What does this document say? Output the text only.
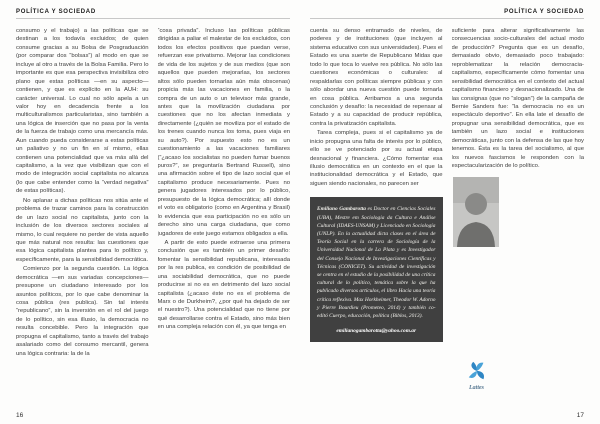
POLÍTICA Y SOCIEDAD

consumo y el trabajo) a las políticas que se destinan a los todavía excluidos; de quien consume gracias a su Bolsa de Posgraduación (por comparar dos “bolsas”) al modo en que se incluye al otro a través de la Bolsa Familia. Pero lo importante es que esa perspectiva invisibiliza otro plano que estas políticas —en su aspecto— contienen, y que es explícito en la AUH: su carácter universal. Lo cual no sólo apela a un valor hoy en decadencia frente a los multiculturalismos particularistas, sino también a una lógica de inserción que no pasa por la venta de la fuerza de trabajo como una mercancía más. Aun cuando pueda considerarse a estas políticas un paliativo y no un fin en sí mismo, ellas contienen una potencialidad que va más allá del capitalismo, a la vez que visibilizan que con el modo de integración social capitalista no alcanza (lo que cabe entender como la “verdad negativa” de estas políticas).

No aplanar a dichas políticas nos sitúa ante el problema de trazar caminos para la construcción de un lazo social no capitalista, junto con la inclusión de los diversos sectores sociales al mismo, lo cual requiere no perder de vista aquello que más natural nos resulta: las cuestiones que esa lógica capitalista plantea para lo político y, específicamente, para la sensibilidad democrática.

Comienzo por la segunda cuestión. La lógica democrática —en sus variadas concepciones— presupone un ciudadano interesado por los asuntos políticos, por lo que cabe denominar la cosa pública (res publica). Sin tal interés “republicano”, sin la inversión en el rol del juego de lo político, sin esa illusio, la democracia no resulta concebible. Pero la integración que propugna el capitalismo, tanto a través del trabajo asalariado como del consumo mercantil, genera una lógica contraria: la de la

“cosa privada”. Incluso las políticas públicas dirigidas a paliar el malestar de los excluidos, con todos los efectos positivos que puedan verse, refuerzan ese privatismo. Mejorar las condiciones de vida de los sujetos y de sus medios (que son aquellos que pueden mejorarlas, los sectores altos sólo pueden tornarlas aún más obscenas) propicia más las vacaciones en familia, o la compra de un auto o un televisor más grande, antes que la movilización ciudadana por cuestiones que no los afectan inmediata y directamente (¿quién se moviliza por el estado de los trenes cuando nunca los toma, pues viaja en su auto?). Por supuesto esto no es un cuestionamiento a las vacaciones familiares (“¿acaso los socialistas no pueden fumar buenos puros?”, se preguntaría Bertrand Russell), sino una afirmación sobre el tipo de lazo social que el capitalismo produce necesariamente. Pues no genera jugadores interesados por lo público, presupuesto de la lógica democrática; allí donde el voto es obligatorio (como en Argentina y Brasil) lo evidencia que esa participación no es sólo un derecho sino una carga ciudadana, que como jugadores de este juego estamos obligados a ella.

A partir de esto puede extraerse una primera conclusión que es también un primer desafío: fomentar la sensibilidad republicana, interesada por la res publica, es condición de posibilidad de una sociabilidad democrática, que no puede producirse si no es en detrimento del lazo social capitalista (¿acaso éste no es el problema de Marx o de Durkheim?, ¿por qué ha dejado de ser el nuestro?). Una potencialidad que no tiene por qué desarrollarse contra el Estado, sino más bien en una compleja relación con él, ya que tenga en

16
POLÍTICA Y SOCIEDAD

cuenta su denso entramado de niveles, de poderes y de instituciones (que incluyen al sistema educativo con sus universidades). Pues el Estado es una suerte de Republicano Midas que todo lo que toca lo vuelve res pública. No sólo las cuestiones económicas o culturales: al respaldarlas con políticas siempre públicas y con sólo abordar una nueva cuestión puede tornarla en cosa pública. Arribamos a una segunda conclusión y desafío: la necesidad de repensar al Estado y a su capacidad de producir república, contra la privatización capitalista.

Tarea compleja, pues si el capitalismo ya de inicio propugna una falta de interés por lo público, ello se ve potenciado por su actual etapa desnacional y financiera. ¿Cómo fomentar esa illusio democrática en un contexto en el que la institucionalidad democrática y el Estado, que siguen siendo nacionales, no parecen ser

Emiliano Gambarotta es Doctor en Ciencias Sociales (UBA), Mestre em Sociologia da Cultura e Análise Cultural (IDAES-UNSAM) y Licenciado en Sociología (UNLP). En la actualidad dicta clases en el área de Teoría Social en la carrera de Sociología de la Universidad Nacional de La Plata y es Investigador del Consejo Nacional de Investigaciones Científicas y Técnicas (CONICET). Su actividad de investigación se centra en el estudio de la posibilidad de una crítica cultural de lo político, temática sobre la que ha publicado diversos artículos, el libro Hacia una teoría crítica reflexiva. Max Horkheimer, Theodor W. Adorno y Pierre Bourdieu (Prometeo, 2014) y también co-editó Cuerpo, educación, política (Biblos, 2013).
emilianogambarotta@yahoo.com.ar

suficiente para alterar significativamente las consecuencias socio-culturales del actual modo de producción? Pregunta que es un desafío, demasiado obvio, demasiado poco trabajado: reproblematizar la relación democracia-capitalismo, específicamente cómo fomentar una sensibilidad democrática en el contexto del actual capitalismo financiero y desnacionalizado. Una de las consignas (que no “slogan”) de la campaña de Bernie Sanders fue: “la democracia no es un espectáculo deportivo”. En ella late el desafío de propugnar una sensibilidad democrática, que es también un lazo social e instituciones democráticas, junto con la defensa de las que hoy tenemos. Ésta es la tarea del socialismo, al que los nuevos fascismos le responden con la espectacularización de lo político.

Lattes
17
